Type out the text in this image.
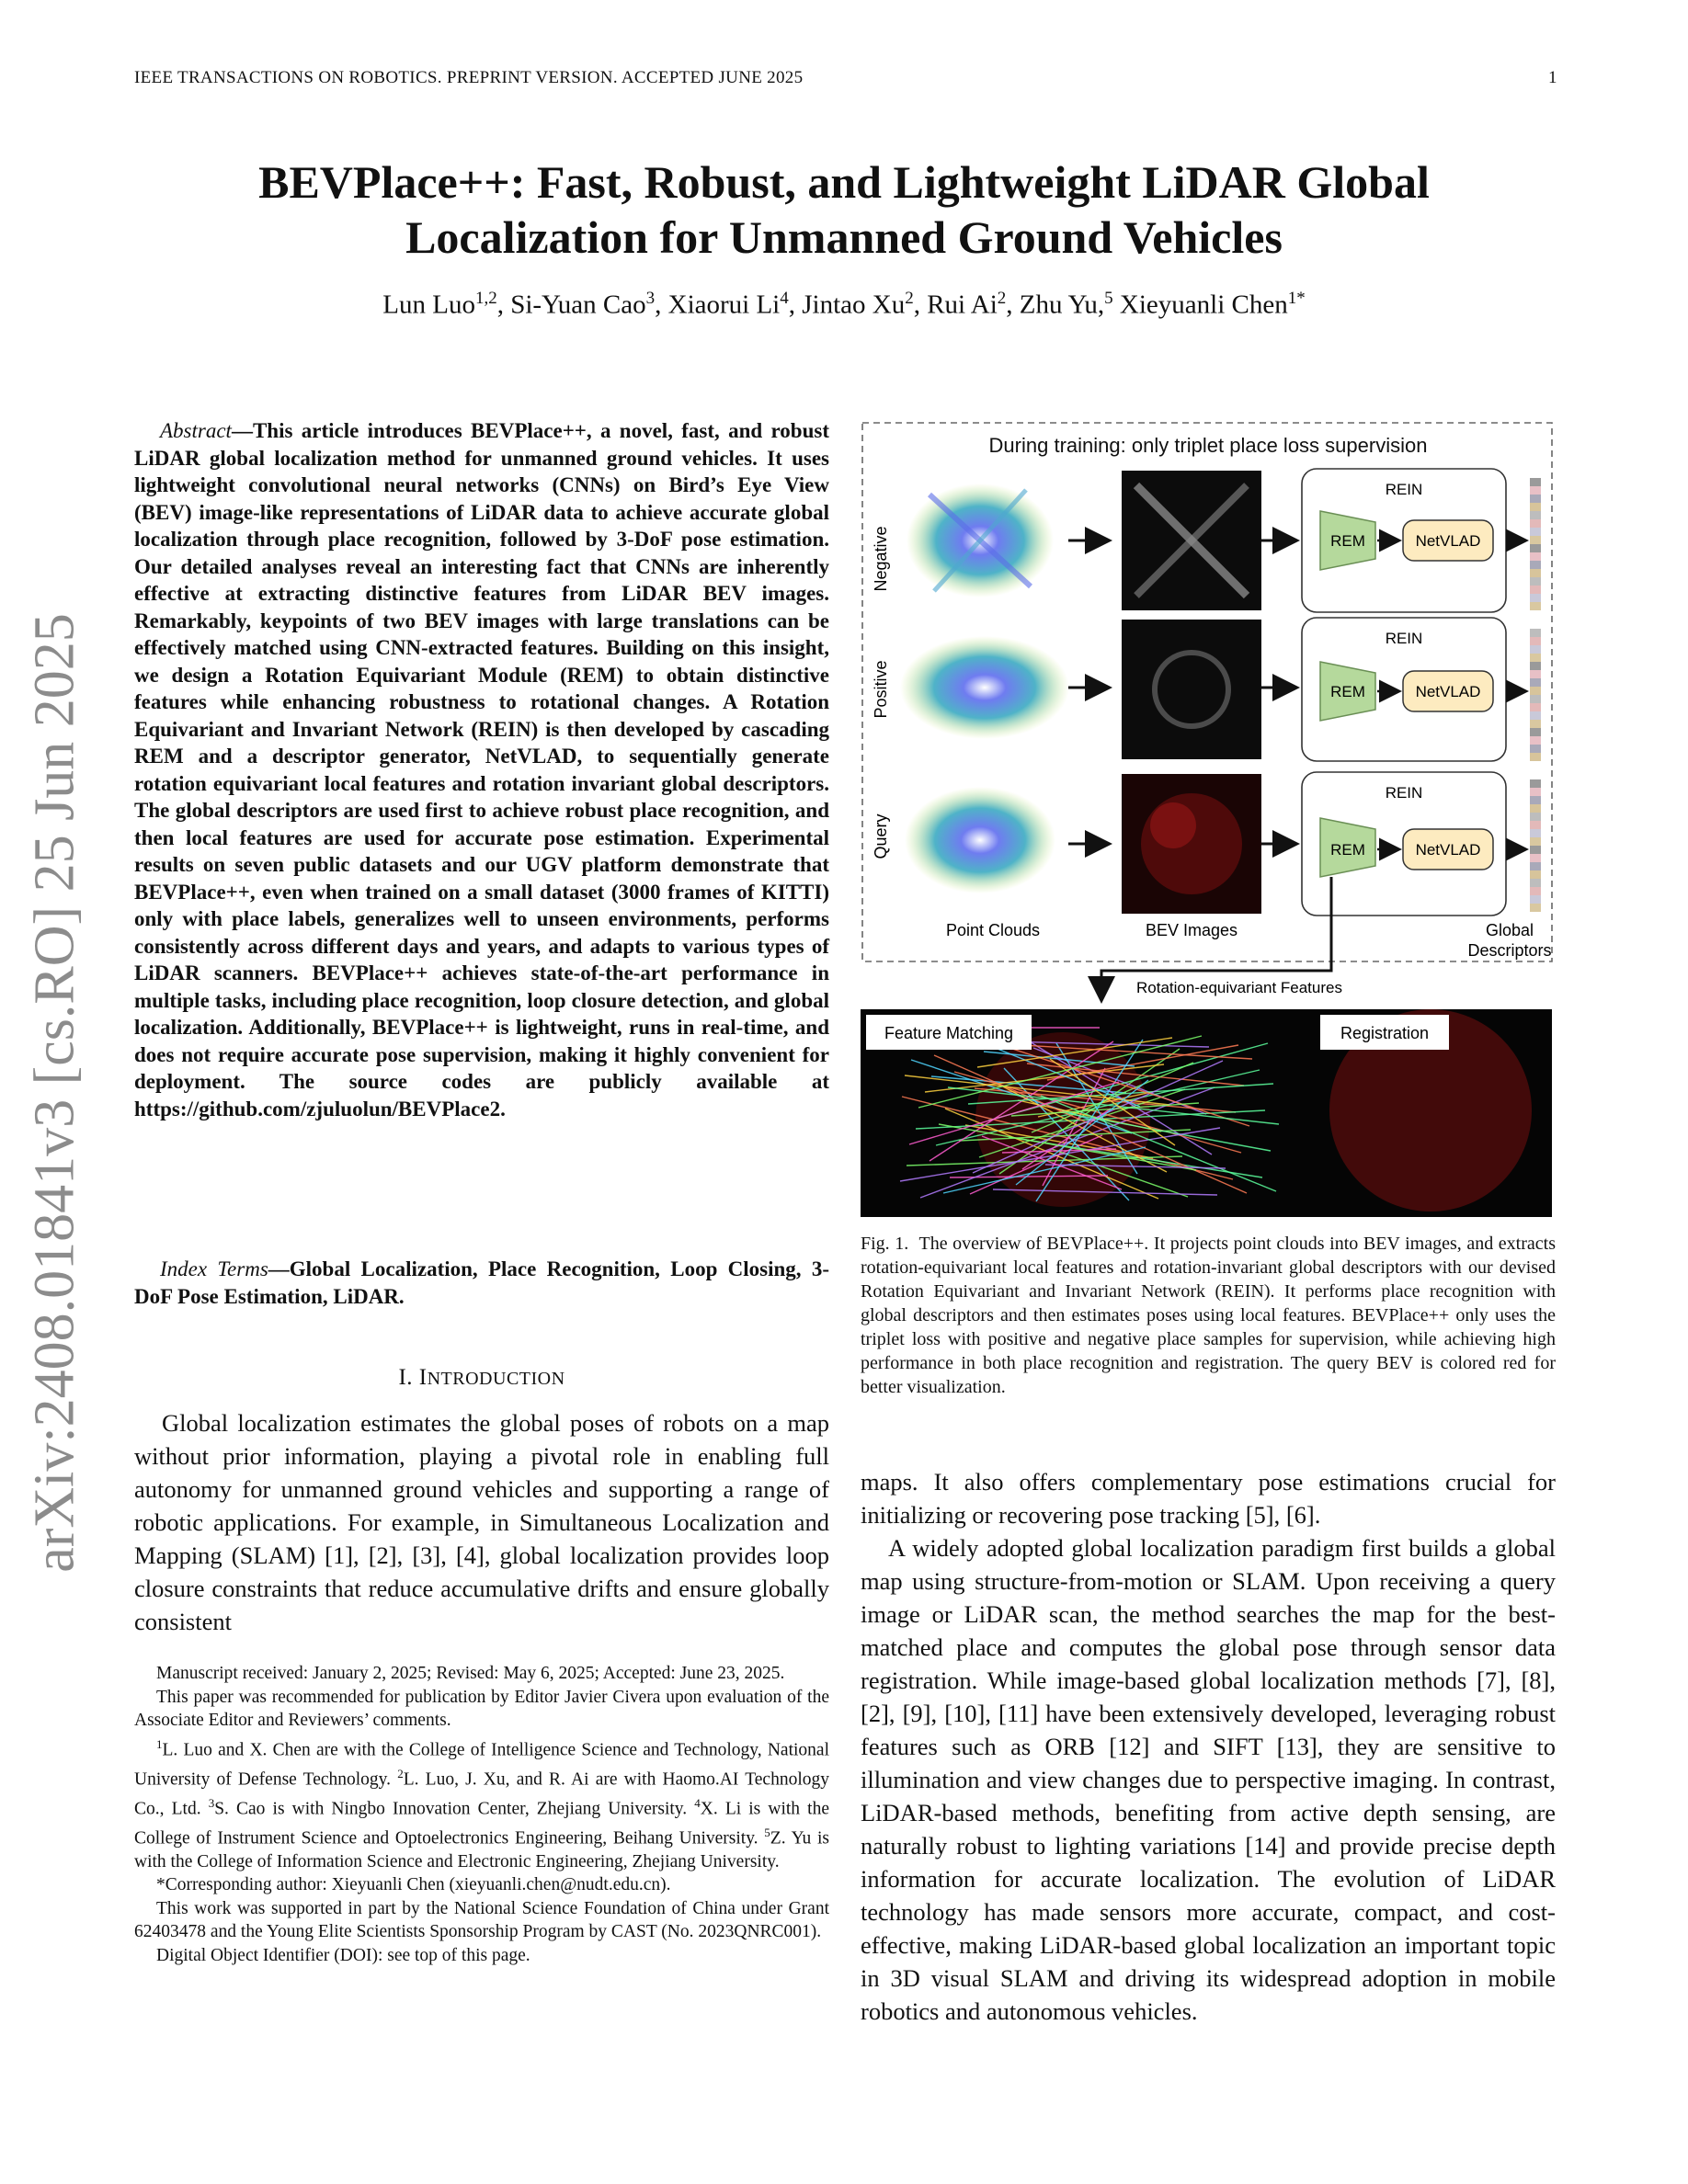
IEEE TRANSACTIONS ON ROBOTICS. PREPRINT VERSION. ACCEPTED JUNE 2025	1
arXiv:2408.01841v3 [cs.RO] 25 Jun 2025
BEVPlace++: Fast, Robust, and Lightweight LiDAR Global
Localization for Unmanned Ground Vehicles
Lun Luo$^{1,2}$, Si-Yuan Cao$^3$, Xiaorui Li$^4$, Jintao Xu$^2$, Rui Ai$^2$, Zhu Yu,$^5$ Xieyuanli Chen$^{1*}$

Abstract—This article introduces BEVPlace++, a novel, fast, and robust LiDAR global localization method for unmanned ground vehicles. It uses lightweight convolutional neural networks (CNNs) on Bird’s Eye View (BEV) image-like representations of LiDAR data to achieve accurate global localization through place recognition, followed by 3-DoF pose estimation. Our detailed analyses reveal an interesting fact that CNNs are inherently effective at extracting distinctive features from LiDAR BEV images. Remarkably, keypoints of two BEV images with large translations can be effectively matched using CNN-extracted features. Building on this insight, we design a Rotation Equivariant Module (REM) to obtain distinctive features while enhancing robustness to rotational changes. A Rotation Equivariant and Invariant Network (REIN) is then developed by cascading REM and a descriptor generator, NetVLAD, to sequentially generate rotation equivariant local features and rotation invariant global descriptors. The global descriptors are used first to achieve robust place recognition, and then local features are used for accurate pose estimation. Experimental results on seven public datasets and our UGV platform demonstrate that BEVPlace++, even when trained on a small dataset (3000 frames of KITTI) only with place labels, generalizes well to unseen environments, performs consistently across different days and years, and adapts to various types of LiDAR scanners. BEVPlace++ achieves state-of-the-art performance in multiple tasks, including place recognition, loop closure detection, and global localization. Additionally, BEVPlace++ is lightweight, runs in real-time, and does not require accurate pose supervision, making it highly convenient for deployment. The source codes are publicly available at https://github.com/zjuluolun/BEVPlace2.

Index Terms—Global Localization, Place Recognition, Loop Closing, 3-DoF Pose Estimation, LiDAR.

I. INTRODUCTION

Global localization estimates the global poses of robots on a map without prior information, playing a pivotal role in enabling full autonomy for unmanned ground vehicles and supporting a range of robotic applications. For example, in Simultaneous Localization and Mapping (SLAM) [1], [2], [3], [4], global localization provides loop closure constraints that reduce accumulative drifts and ensure globally consistent

Manuscript received: January 2, 2025; Revised: May 6, 2025; Accepted: June 23, 2025.

This paper was recommended for publication by Editor Javier Civera upon evaluation of the Associate Editor and Reviewers’ comments.

$^1$L. Luo and X. Chen are with the College of Intelligence Science and Technology, National University of Defense Technology. $^2$L. Luo, J. Xu, and R. Ai are with Haomo.AI Technology Co., Ltd. $^3$S. Cao is with Ningbo Innovation Center, Zhejiang University. $^4$X. Li is with the College of Instrument Science and Optoelectronics Engineering, Beihang University. $^5$Z. Yu is with the College of Information Science and Electronic Engineering, Zhejiang University.

*Corresponding author: Xieyuanli Chen (xieyuanli.chen@nudt.edu.cn).

This work was supported in part by the National Science Foundation of China under Grant 62403478 and the Young Elite Scientists Sponsorship Program by CAST (No. 2023QNRC001).

Digital Object Identifier (DOI): see top of this page.

During training: only triplet place loss supervision
Negative
REIN
REM	NetVLAD
Positive
REIN
REM	NetVLAD
Query
REIN
REM	NetVLAD
Point Clouds	BEV Images	Global
Descriptors
Rotation-equivariant Features
Feature Matching	Registration
Fig. 1. The overview of BEVPlace++. It projects point clouds into BEV images, and extracts rotation-equivariant local features and rotation-invariant global descriptors with our devised Rotation Equivariant and Invariant Network (REIN). It performs place recognition with global descriptors and then estimates poses using local features. BEVPlace++ only uses the triplet loss with positive and negative place samples for supervision, while achieving high performance in both place recognition and registration. The query BEV is colored red for better visualization.

maps. It also offers complementary pose estimations crucial for initializing or recovering pose tracking [5], [6].

A widely adopted global localization paradigm first builds a global map using structure-from-motion or SLAM. Upon receiving a query image or LiDAR scan, the method searches the map for the best-matched place and computes the global pose through sensor data registration. While image-based global localization methods [7], [8], [2], [9], [10], [11] have been extensively developed, leveraging robust features such as ORB [12] and SIFT [13], they are sensitive to illumination and view changes due to perspective imaging. In contrast, LiDAR-based methods, benefiting from active depth sensing, are naturally robust to lighting variations [14] and provide precise depth information for accurate localization. The evolution of LiDAR technology has made sensors more accurate, compact, and cost-effective, making LiDAR-based global localization an important topic in 3D visual SLAM and driving its widespread adoption in mobile robotics and autonomous vehicles.
